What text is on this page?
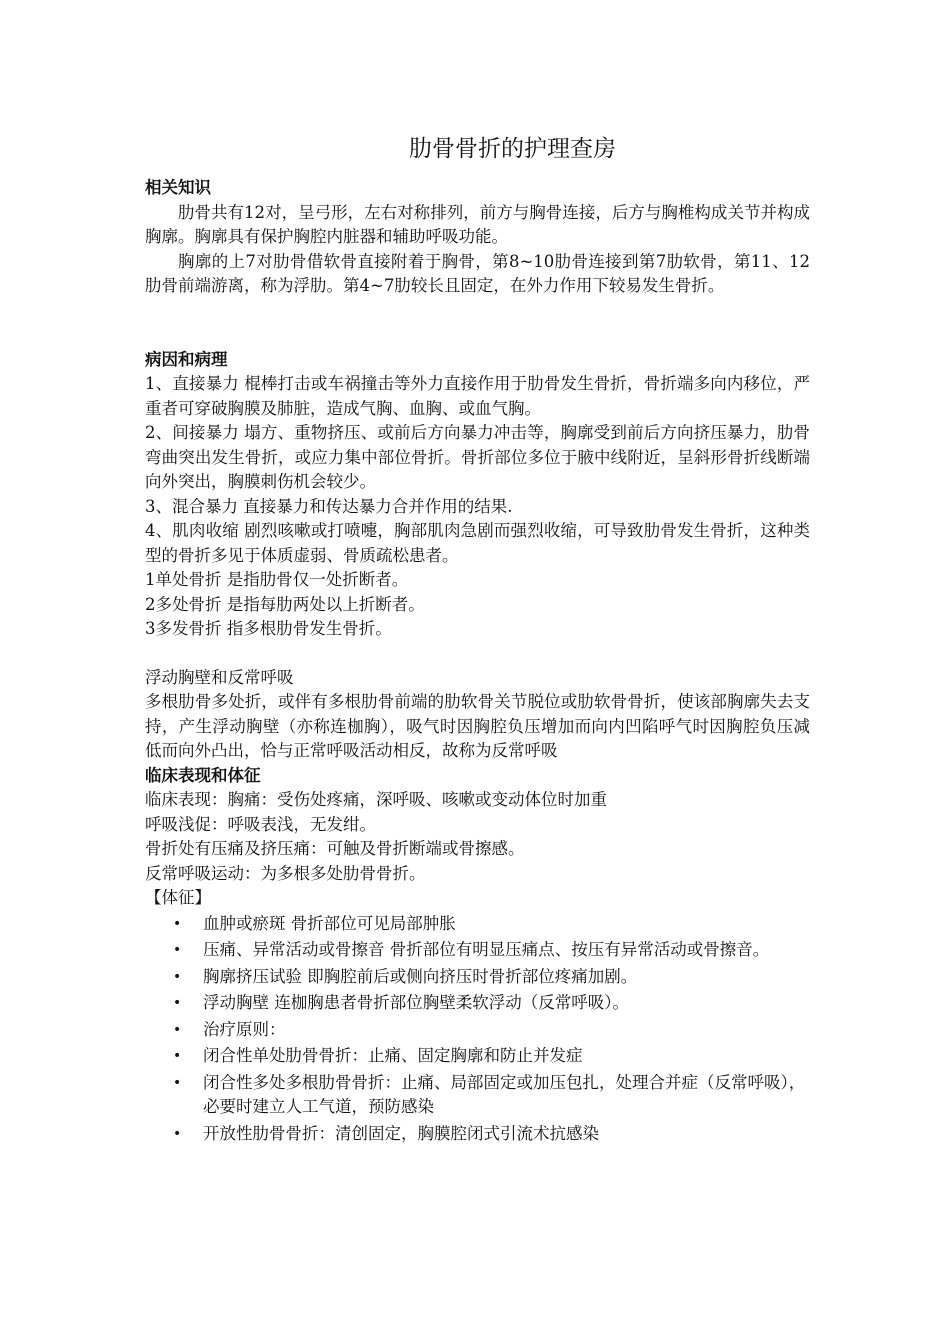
肋骨骨折的护理查房

相关知识

肋骨共有12对，呈弓形，左右对称排列，前方与胸骨连接，后方与胸椎构成关节并构成胸廓。胸廓具有保护胸腔内脏器和辅助呼吸功能。

胸廓的上7对肋骨借软骨直接附着于胸骨，第8~10肋骨连接到第7肋软骨，第11、12肋骨前端游离，称为浮肋。第4~7肋较长且固定，在外力作用下较易发生骨折。

病因和病理

1、直接暴力 棍棒打击或车祸撞击等外力直接作用于肋骨发生骨折，骨折端多向内移位，严重者可穿破胸膜及肺脏，造成气胸、血胸、或血气胸。

2、间接暴力 塌方、重物挤压、或前后方向暴力冲击等，胸廓受到前后方向挤压暴力，肋骨弯曲突出发生骨折，或应力集中部位骨折。骨折部位多位于腋中线附近，呈斜形骨折线断端向外突出，胸膜刺伤机会较少。

3、混合暴力 直接暴力和传达暴力合并作用的结果.

4、肌肉收缩 剧烈咳嗽或打喷嚏，胸部肌肉急剧而强烈收缩，可导致肋骨发生骨折，这种类型的骨折多见于体质虚弱、骨质疏松患者。

1单处骨折 是指肋骨仅一处折断者。

2多处骨折 是指每肋两处以上折断者。

3多发骨折 指多根肋骨发生骨折。

浮动胸壁和反常呼吸

多根肋骨多处折，或伴有多根肋骨前端的肋软骨关节脱位或肋软骨骨折，使该部胸廓失去支持，产生浮动胸壁（亦称连枷胸），吸气时因胸腔负压增加而向内凹陷呼气时因胸腔负压减低而向外凸出，恰与正常呼吸活动相反，故称为反常呼吸

临床表现和体征

临床表现：胸痛：受伤处疼痛，深呼吸、咳嗽或变动体位时加重

呼吸浅促：呼吸表浅，无发绀。

骨折处有压痛及挤压痛：可触及骨折断端或骨擦感。

反常呼吸运动：为多根多处肋骨骨折。

【体征】

• 血肿或瘀斑 骨折部位可见局部肿胀
• 压痛、异常活动或骨擦音 骨折部位有明显压痛点、按压有异常活动或骨擦音。
• 胸廓挤压试验 即胸腔前后或侧向挤压时骨折部位疼痛加剧。
• 浮动胸壁 连枷胸患者骨折部位胸壁柔软浮动（反常呼吸）。
• 治疗原则：
• 闭合性单处肋骨骨折：止痛、固定胸廓和防止并发症
• 闭合性多处多根肋骨骨折：止痛、局部固定或加压包扎，处理合并症（反常呼吸），必要时建立人工气道，预防感染
• 开放性肋骨骨折：清创固定，胸膜腔闭式引流术抗感染
